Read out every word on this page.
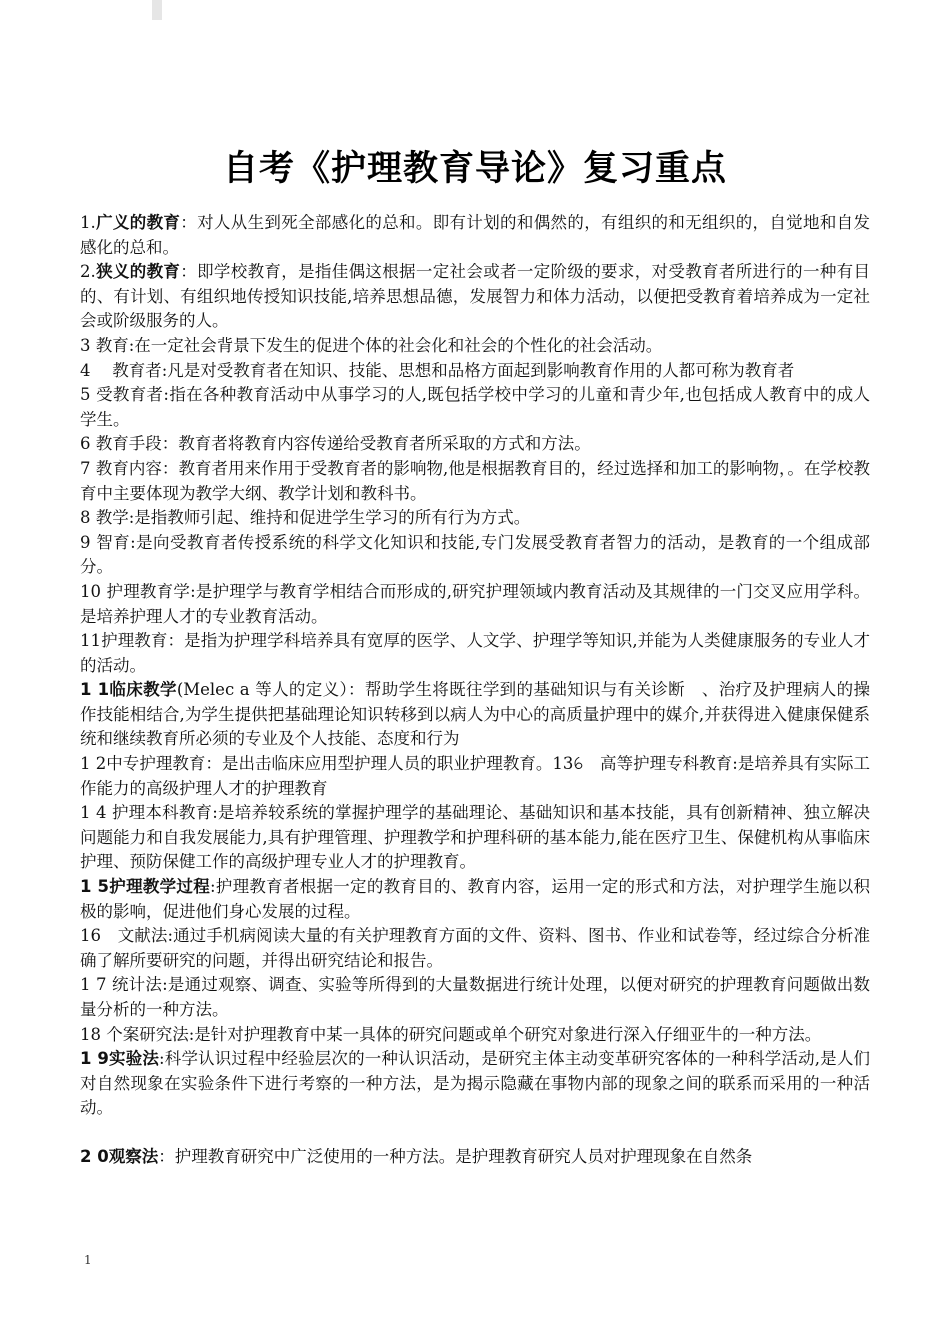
自考《护理教育导论》复习重点

1.广义的教育：对人从生到死全部感化的总和。即有计划的和偶然的，有组织的和无组织的，自觉地和自发感化的总和。

2.狭义的教育：即学校教育，是指佳偶这根据一定社会或者一定阶级的要求，对受教育者所进行的一种有目的、有计划、有组织地传授知识技能,培养思想品德，发展智力和体力活动，以便把受教育着培养成为一定社会或阶级服务的人。

3 教育:在一定社会背景下发生的促进个体的社会化和社会的个性化的社会活动。

4 　教育者:凡是对受教育者在知识、技能、思想和品格方面起到影响教育作用的人都可称为教育者

5 受教育者:指在各种教育活动中从事学习的人,既包括学校中学习的儿童和青少年,也包括成人教育中的成人学生。

6 教育手段：教育者将教育内容传递给受教育者所采取的方式和方法。

7 教育内容：教育者用来作用于受教育者的影响物,他是根据教育目的，经过选择和加工的影响物，。在学校教育中主要体现为教学大纲、教学计划和教科书。

8 教学:是指教师引起、维持和促进学生学习的所有行为方式。

9 智育:是向受教育者传授系统的科学文化知识和技能,专门发展受教育者智力的活动，是教育的一个组成部分。

10 护理教育学:是护理学与教育学相结合而形成的,研究护理领域内教育活动及其规律的一门交叉应用学科。是培养护理人才的专业教育活动。

11护理教育：是指为护理学科培养具有宽厚的医学、人文学、护理学等知识,并能为人类健康服务的专业人才的活动。

1 1临床教学(Melec a 等人的定义）：帮助学生将既往学到的基础知识与有关诊断　、治疗及护理病人的操作技能相结合,为学生提供把基础理论知识转移到以病人为中心的高质量护理中的媒介,并获得进入健康保健系统和继续教育所必须的专业及个人技能、态度和行为

1 2中专护理教育：是出击临床应用型护理人员的职业护理教育。13ꕃ　高等护理专科教育:是培养具有实际工作能力的高级护理人才的护理教育

1 4 护理本科教育:是培养较系统的掌握护理学的基础理论、基础知识和基本技能，具有创新精神、独立解决问题能力和自我发展能力,具有护理管理、护理教学和护理科研的基本能力,能在医疗卫生、保健机构从事临床护理、预防保健工作的高级护理专业人才的护理教育。

1 5护理教学过程:护理教育者根据一定的教育目的、教育内容，运用一定的形式和方法，对护理学生施以积极的影响，促进他们身心发展的过程。

16　文献法:通过手机病阅读大量的有关护理教育方面的文件、资料、图书、作业和试卷等，经过综合分析准确了解所要研究的问题，并得出研究结论和报告。

1 7 统计法:是通过观察、调查、实验等所得到的大量数据进行统计处理，以便对研究的护理教育问题做出数量分析的一种方法。

18 个案研究法:是针对护理教育中某一具体的研究问题或单个研究对象进行深入仔细亚牛的一种方法。

1 9实验法:科学认识过程中经验层次的一种认识活动，是研究主体主动变革研究客体的一种科学活动,是人们对自然现象在实验条件下进行考察的一种方法，是为揭示隐藏在事物内部的现象之间的联系而采用的一种活动。

2 0观察法：护理教育研究中广泛使用的一种方法。是护理教育研究人员对护理现象在自然条

1
